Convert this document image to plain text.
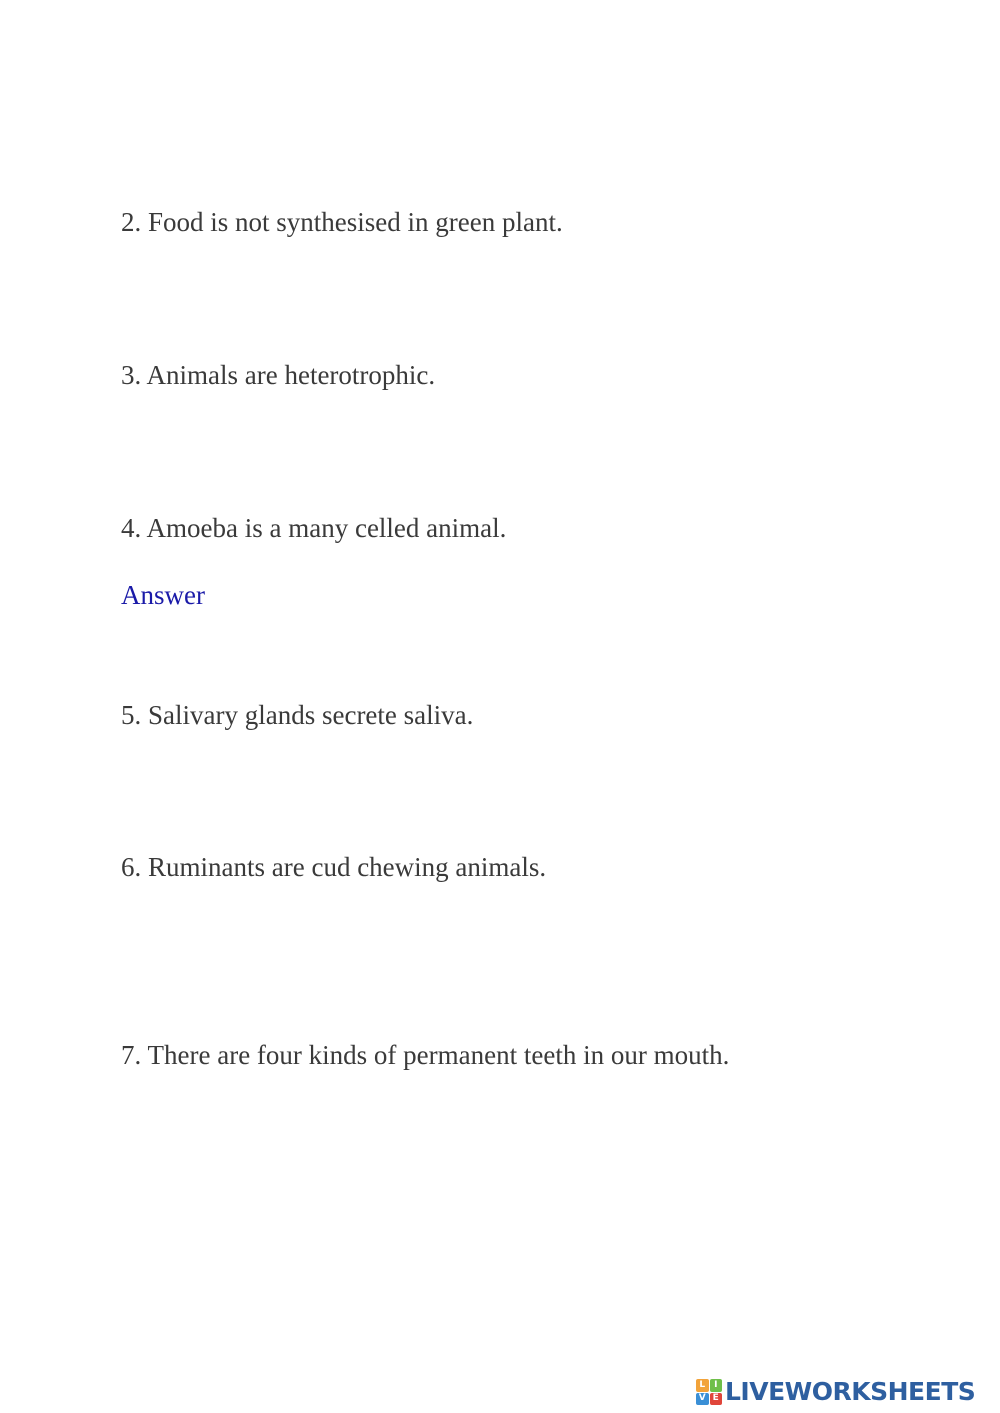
2. Food is not synthesised in green plant.

3. Animals are heterotrophic.

4. Amoeba is a many celled animal.

Answer

5. Salivary glands secrete saliva.

6. Ruminants are cud chewing animals.

7. There are four kinds of permanent teeth in our mouth.

L I
V E LIVEWORKSHEETS
